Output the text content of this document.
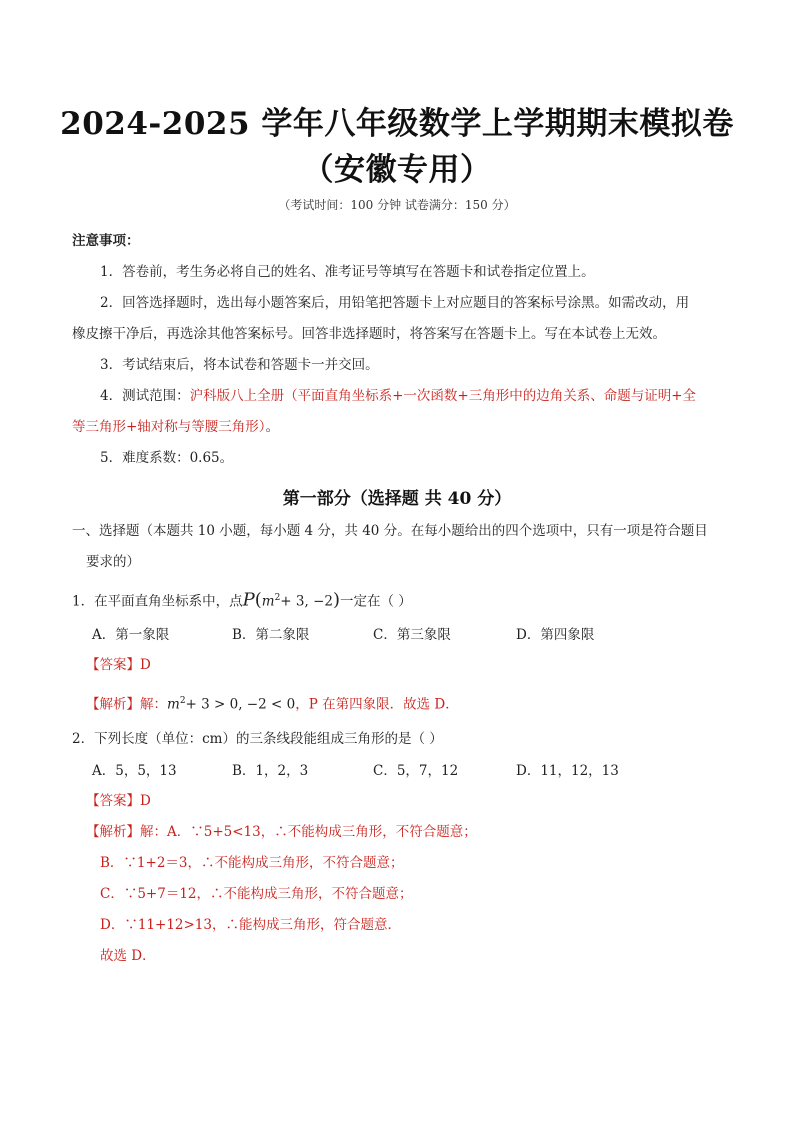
2024-2025 学年八年级数学上学期期末模拟卷
（安徽专用）
（考试时间：100 分钟 试卷满分：150 分）
注意事项：
1．答卷前，考生务必将自己的姓名、准考证号等填写在答题卡和试卷指定位置上。
2．回答选择题时，选出每小题答案后，用铅笔把答题卡上对应题目的答案标号涂黑。如需改动，用
橡皮擦干净后，再选涂其他答案标号。回答非选择题时，将答案写在答题卡上。写在本试卷上无效。
3．考试结束后，将本试卷和答题卡一并交回。
4．测试范围：沪科版八上全册（平面直角坐标系+一次函数+三角形中的边角关系、命题与证明+全
等三角形+轴对称与等腰三角形）。
5．难度系数：0.65。
第一部分（选择题 共 40 分）
一、选择题（本题共 10 小题，每小题 4 分，共 40 分。在每小题给出的四个选项中，只有一项是符合题目
要求的）
1．在平面直角坐标系中，点$P(m^2+ 3$, −2)一定在（ ）
A．第一象限	B．第二象限	C．第三象限	D．第四象限
【答案】D
【解析】解：$m^2+ 3 > 0$, −2 < 0，P 在第四象限．故选 D．
2．下列长度（单位：cm）的三条线段能组成三角形的是（ ）
A．5，5，13	B．1，2，3	C．5，7，12	D．11，12，13
【答案】D
【解析】解：A．∵5+5<13，∴不能构成三角形，不符合题意；
B．∵1+2＝3，∴不能构成三角形，不符合题意；
C．∵5+7＝12，∴不能构成三角形，不符合题意；
D．∵11+12>13，∴能构成三角形，符合题意．
故选 D．
